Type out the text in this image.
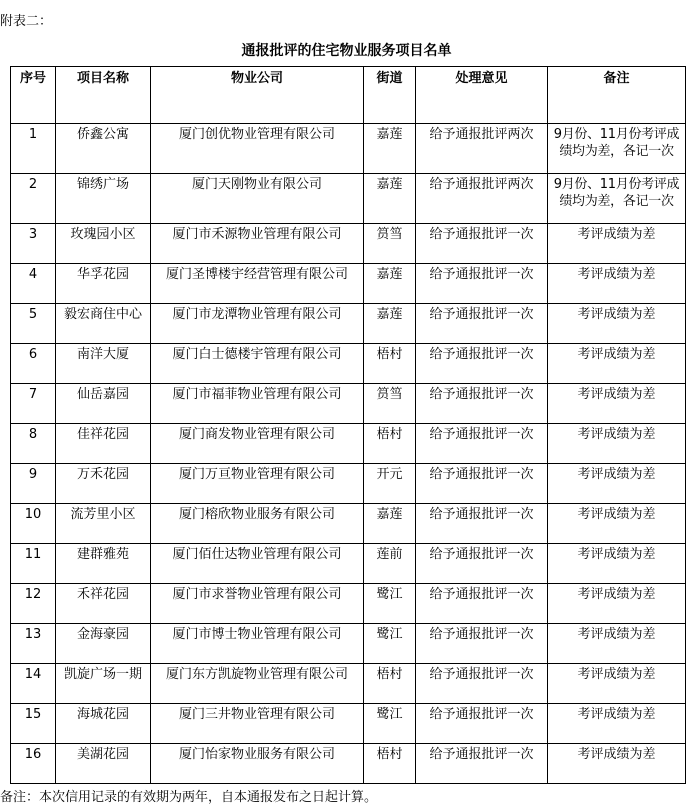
附表二：
通报批评的住宅物业服务项目名单
序号	项目名称	物业公司	街道	处理意见	备注
1	侨鑫公寓	厦门创优物业管理有限公司	嘉莲	给予通报批评两次	9月份、11月份考评成绩均为差，各记一次
2	锦绣广场	厦门天刚物业有限公司	嘉莲	给予通报批评两次	9月份、11月份考评成绩均为差，各记一次
3	玫瑰园小区	厦门市禾源物业管理有限公司	筼筜	给予通报批评一次	考评成绩为差
4	华孚花园	厦门圣博楼宇经营管理有限公司	嘉莲	给予通报批评一次	考评成绩为差
5	毅宏商住中心	厦门市龙潭物业管理有限公司	嘉莲	给予通报批评一次	考评成绩为差
6	南洋大厦	厦门白士德楼宇管理有限公司	梧村	给予通报批评一次	考评成绩为差
7	仙岳嘉园	厦门市福菲物业管理有限公司	筼筜	给予通报批评一次	考评成绩为差
8	佳祥花园	厦门商发物业管理有限公司	梧村	给予通报批评一次	考评成绩为差
9	万禾花园	厦门万亘物业管理有限公司	开元	给予通报批评一次	考评成绩为差
10	流芳里小区	厦门榕欣物业服务有限公司	嘉莲	给予通报批评一次	考评成绩为差
11	建群雅苑	厦门佰仕达物业管理有限公司	莲前	给予通报批评一次	考评成绩为差
12	禾祥花园	厦门市求誉物业管理有限公司	鹭江	给予通报批评一次	考评成绩为差
13	金海豪园	厦门市博士物业管理有限公司	鹭江	给予通报批评一次	考评成绩为差
14	凯旋广场一期	厦门东方凯旋物业管理有限公司	梧村	给予通报批评一次	考评成绩为差
15	海城花园	厦门三井物业管理有限公司	鹭江	给予通报批评一次	考评成绩为差
16	美湖花园	厦门怡家物业服务有限公司	梧村	给予通报批评一次	考评成绩为差
备注：本次信用记录的有效期为两年，自本通报发布之日起计算。
